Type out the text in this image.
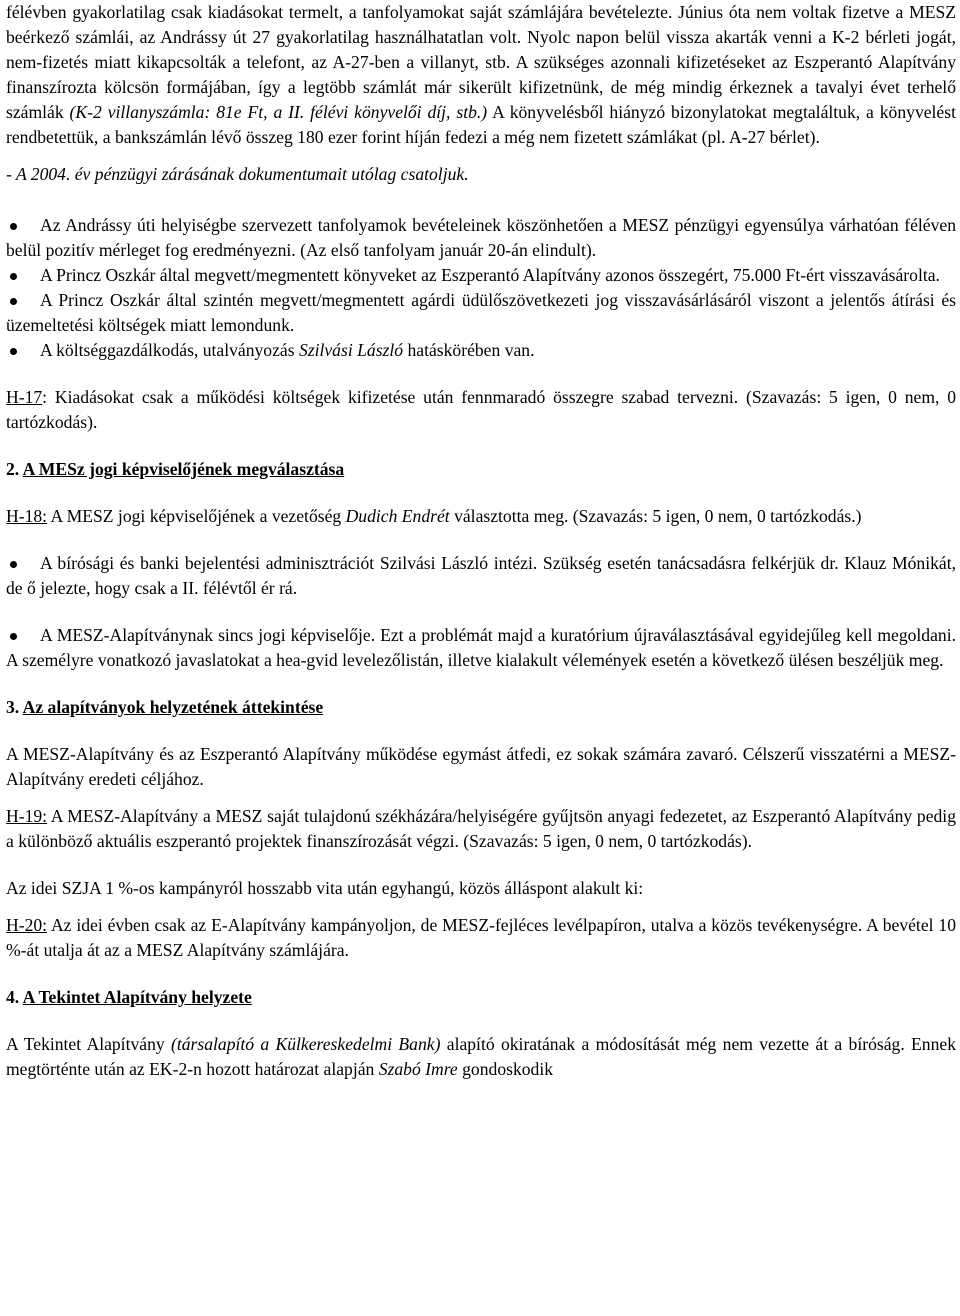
félévben gyakorlatilag csak kiadásokat termelt, a tanfolyamokat saját számlájára bevételezte. Június óta nem voltak fizetve a MESZ beérkező számlái, az Andrássy út 27 gyakorlatilag használhatatlan volt. Nyolc napon belül vissza akarták venni a K-2 bérleti jogát, nem-fizetés miatt kikapcsolták a telefont, az A-27-ben a villanyt, stb. A szükséges azonnali kifizetéseket az Eszperantó Alapítvány finanszírozta kölcsön formájában, így a legtöbb számlát már sikerült kifizetnünk, de még mindig érkeznek a tavalyi évet terhelő számlák (K-2 villanyszámla: 81e Ft, a II. félévi könyvelői díj, stb.) A könyvelésből hiányzó bizonylatokat megtaláltuk, a könyvelést rendbetettük, a bankszámlán lévő összeg 180 ezer forint híján fedezi a még nem fizetett számlákat (pl. A-27 bérlet).

- A 2004. év pénzügyi zárásának dokumentumait utólag csatoljuk.

Az Andrássy úti helyiségbe szervezett tanfolyamok bevételeinek köszönhetően a MESZ pénzügyi egyensúlya várhatóan féléven belül pozitív mérleget fog eredményezni. (Az első tanfolyam január 20-án elindult).
A Princz Oszkár által megvett/megmentett könyveket az Eszperantó Alapítvány azonos összegért, 75.000 Ft-ért visszavásárolta.
A Princz Oszkár által szintén megvett/megmentett agárdi üdülőszövetkezeti jog visszavásárlásáról viszont a jelentős átírási és üzemeltetési költségek miatt lemondunk.
A költséggazdálkodás, utalványozás Szilvási László hatáskörében van.

H-17: Kiadásokat csak a működési költségek kifizetése után fennmaradó összegre szabad tervezni. (Szavazás: 5 igen, 0 nem, 0 tartózkodás).

2. A MESz jogi képviselőjének megválasztása

H-18: A MESZ jogi képviselőjének a vezetőség Dudich Endrét választotta meg. (Szavazás: 5 igen, 0 nem, 0 tartózkodás.)

A bírósági és banki bejelentési adminisztrációt Szilvási László intézi. Szükség esetén tanácsadásra felkérjük dr. Klauz Mónikát, de ő jelezte, hogy csak a II. félévtől ér rá.
A MESZ-Alapítványnak sincs jogi képviselője. Ezt a problémát majd a kuratórium újraválasztásával egyidejűleg kell megoldani. A személyre vonatkozó javaslatokat a hea-gvid levelezőlistán, illetve kialakult vélemények esetén a következő ülésen beszéljük meg.

3. Az alapítványok helyzetének áttekintése

A MESZ-Alapítvány és az Eszperantó Alapítvány működése egymást átfedi, ez sokak számára zavaró. Célszerű visszatérni a MESZ-Alapítvány eredeti céljához.

H-19: A MESZ-Alapítvány a MESZ saját tulajdonú székházára/helyiségére gyűjtsön anyagi fedezetet, az Eszperantó Alapítvány pedig a különböző aktuális eszperantó projektek finanszírozását végzi. (Szavazás: 5 igen, 0 nem, 0 tartózkodás).

Az idei SZJA 1 %-os kampányról hosszabb vita után egyhangú, közös álláspont alakult ki:

H-20: Az idei évben csak az E-Alapítvány kampányoljon, de MESZ-fejléces levélpapíron, utalva a közös tevékenységre. A bevétel 10 %-át utalja át az a MESZ Alapítvány számlájára.

4. A Tekintet Alapítvány helyzete

A Tekintet Alapítvány (társalapító a Külkereskedelmi Bank) alapító okiratának a módosítását még nem vezette át a bíróság. Ennek megtörténte után az EK-2-n hozott határozat alapján Szabó Imre gondoskodik
